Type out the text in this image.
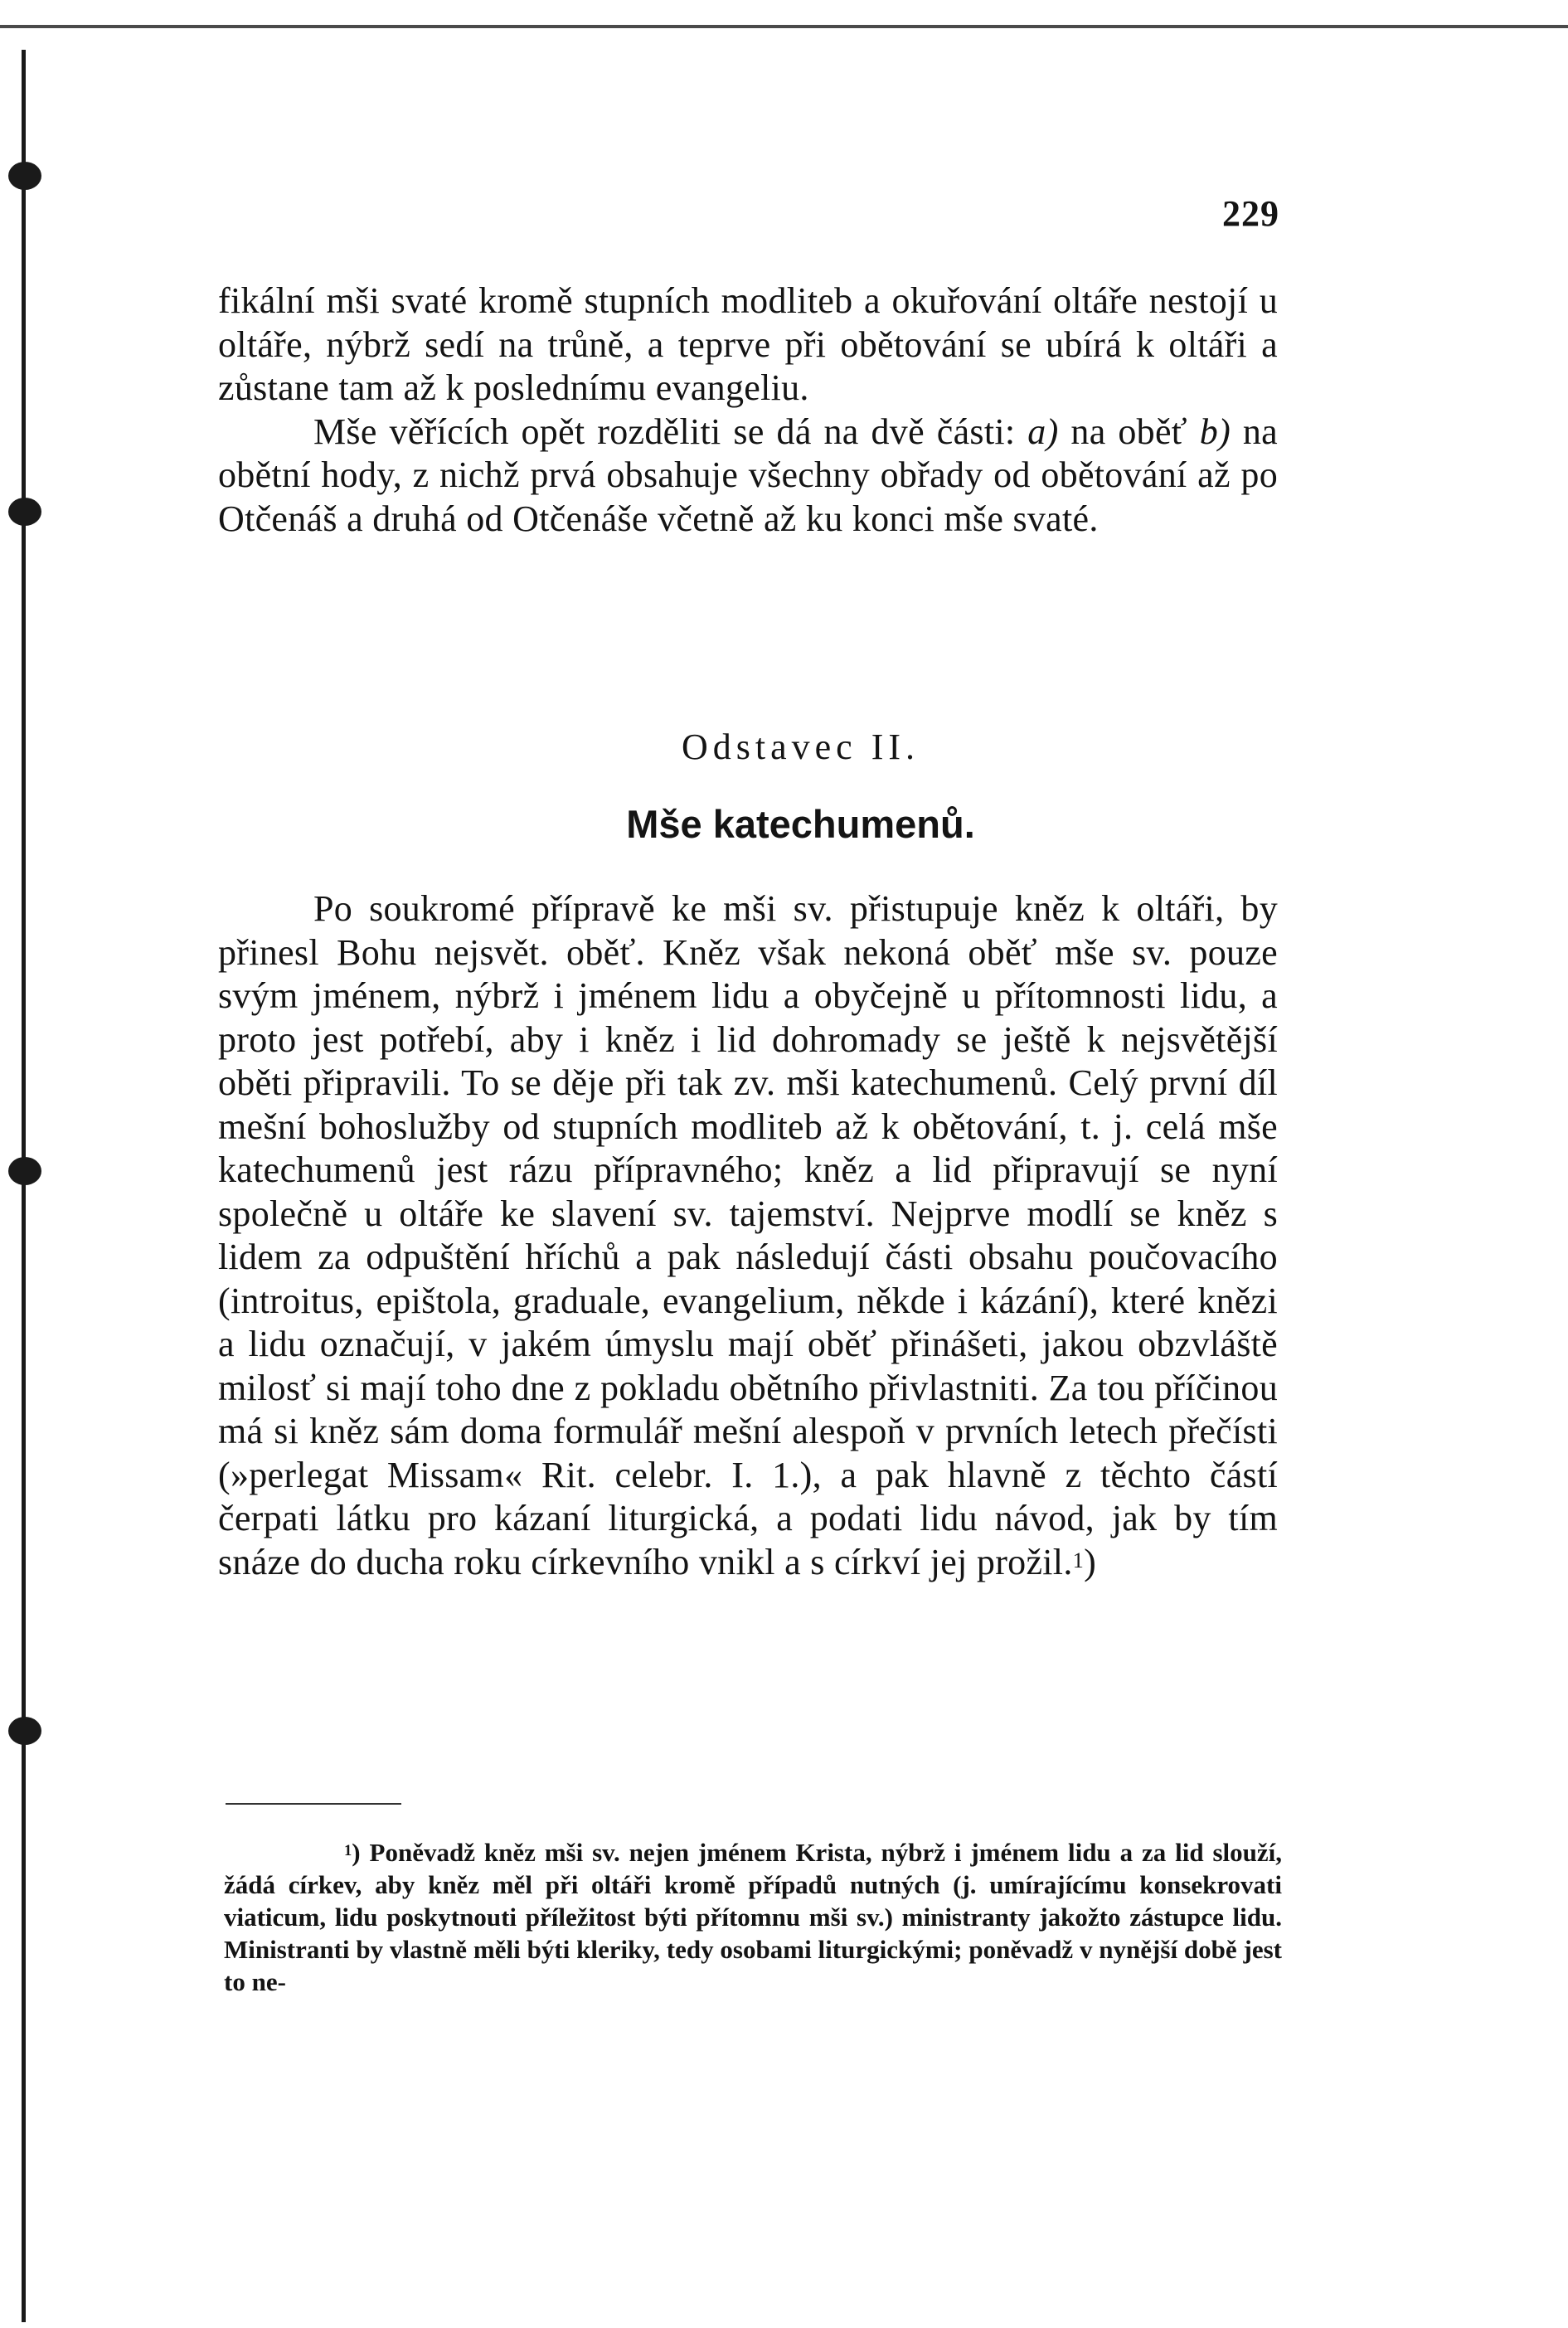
229

fikální mši svaté kromě stupních modliteb a okuřování oltáře nestojí u oltáře, nýbrž sedí na trůně, a teprve při obětování se ubírá k oltáři a zůstane tam až k poslednímu evangeliu.

Mše věřících opět rozděliti se dá na dvě části: a) na oběť b) na obětní hody, z nichž prvá obsahuje všechny obřady od obětování až po Otčenáš a druhá od Otčenáše včetně až ku konci mše svaté.

Odstavec II.
Mše katechumenů.

Po soukromé přípravě ke mši sv. přistupuje kněz k oltáři, by přinesl Bohu nejsvět. oběť. Kněz však nekoná oběť mše sv. pouze svým jménem, nýbrž i jménem lidu a obyčejně u přítomnosti lidu, a proto jest potřebí, aby i kněz i lid dohromady se ještě k nejsvětější oběti připravili. To se děje při tak zv. mši katechumenů. Celý první díl mešní bohoslužby od stupních modliteb až k obětování, t. j. celá mše katechumenů jest rázu přípravného; kněz a lid připravují se nyní společně u oltáře ke slavení sv. tajemství. Nejprve modlí se kněz s lidem za odpuštění hříchů a pak následují části obsahu poučovacího (introitus, epištola, graduale, evangelium, někde i kázání), které knězi a lidu označují, v jakém úmyslu mají oběť přinášeti, jakou obzvláště milosť si mají toho dne z pokladu obětního přivlastniti. Za tou příčinou má si kněz sám doma formulář mešní alespoň v prvních letech přečísti (»perlegat Missam« Rit. celebr. I. 1.), a pak hlavně z těchto částí čerpati látku pro kázaní liturgická, a podati lidu návod, jak by tím snáze do ducha roku církevního vnikl a s církví jej prožil.$^1$)

$^1$) Poněvadž kněz mši sv. nejen jménem Krista, nýbrž i jménem lidu a za lid slouží, žádá církev, aby kněz měl při oltáři kromě případů nutných (j. umírajícímu konsekrovati viaticum, lidu poskytnouti příležitost býti přítomnu mši sv.) ministranty jakožto zástupce lidu. Ministranti by vlastně měli býti kleriky, tedy osobami liturgickými; poněvadž v nynější době jest to ne-
